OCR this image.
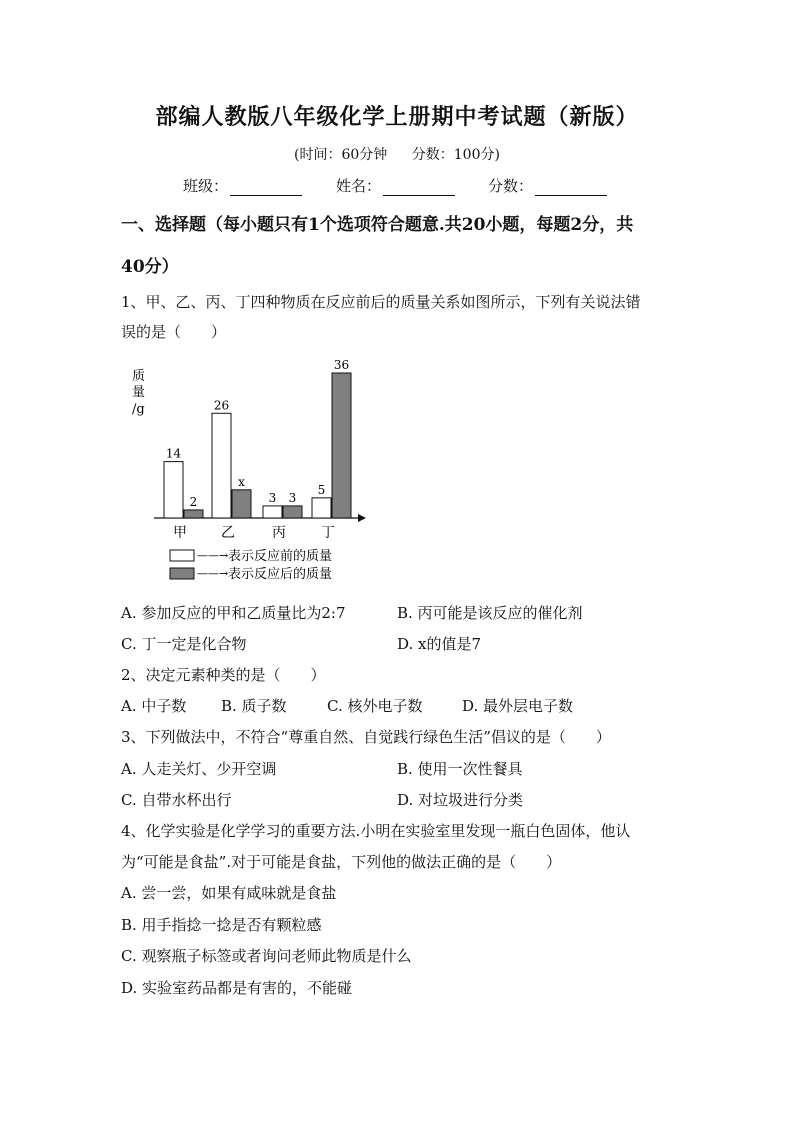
部编人教版八年级化学上册期中考试题（新版）
(时间：60分钟 分数：100分)
班级：	姓名：	分数：
一、选择题（每小题只有1个选项符合题意.共20小题，每题2分，共
40分）
1、甲、乙、丙、丁四种物质在反应前后的质量关系如图所示，下列有关说法错
误的是（　　）
质
量
/g
14
2
26
x
3 3
5
36
甲 乙	丙	丁
——→ 表示反应前的质量
——→ 表示反应后的质量
A. 参加反应的甲和乙质量比为2:7	B. 丙可能是该反应的催化剂
C. 丁一定是化合物	D. x的值是7
2、决定元素种类的是（　　）
A. 中子数 B. 质子数	C. 核外电子数	D. 最外层电子数
3、下列做法中，不符合“尊重自然、自觉践行绿色生活”倡议的是（　　）
A. 人走关灯、少开空调	B. 使用一次性餐具
C. 自带水杯出行	D. 对垃圾进行分类
4、化学实验是化学学习的重要方法.小明在实验室里发现一瓶白色固体，他认
为“可能是食盐”.对于可能是食盐，下列他的做法正确的是（　　）
A. 尝一尝，如果有咸味就是食盐
B. 用手指捻一捻是否有颗粒感
C. 观察瓶子标签或者询问老师此物质是什么
D. 实验室药品都是有害的，不能碰
